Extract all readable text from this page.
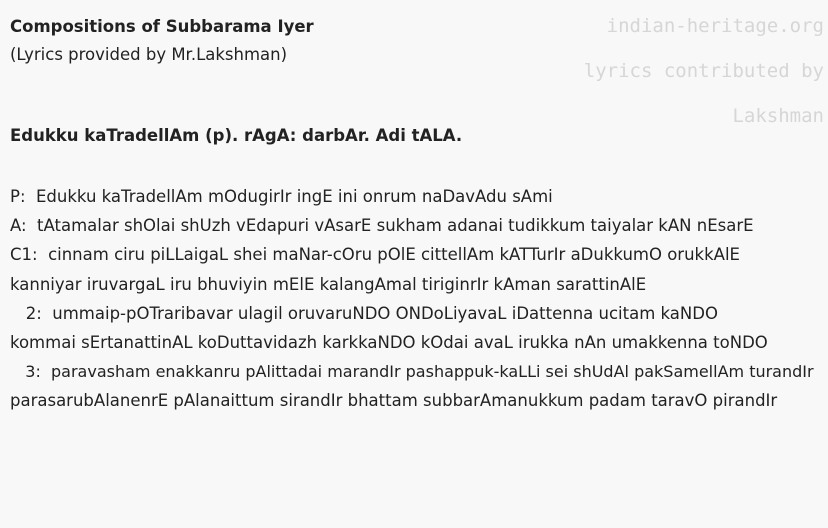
indian-heritage.org
lyrics contributed by
Lakshman
Compositions of Subbarama Iyer
(Lyrics provided by Mr.Lakshman)
Edukku kaTradellAm (p). rAgA: darbAr. Adi tALA.
P:  Edukku kaTradellAm mOdugirIr ingE ini onrum naDavAdu sAmi
A:  tAtamalar shOlai shUzh vEdapuri vAsarE sukham adanai tudikkum taiyalar kAN nEsarE
C1:  cinnam ciru piLLaigaL shei maNar-cOru pOlE cittellAm kATTurIr aDukkumO orukkAlE
kanniyar iruvargaL iru bhuviyin mElE kalangAmal tiriginrIr kAman sarattinAlE
2:  ummaip-pOTraribavar ulagil oruvaruNDO ONDoLiyavaL iDattenna ucitam kaNDO
kommai sErtanattinAL koDuttavidazh karkkaNDO kOdai avaL irukka nAn umakkenna toNDO
3:  paravasham enakkanru pAlittadai marandIr pashappuk-kaLLi sei shUdAl pakSamellAm turandIr
parasarubAlanenrE pAlanaittum sirandIr bhattam subbarAmanukkum padam taravO pirandIr
